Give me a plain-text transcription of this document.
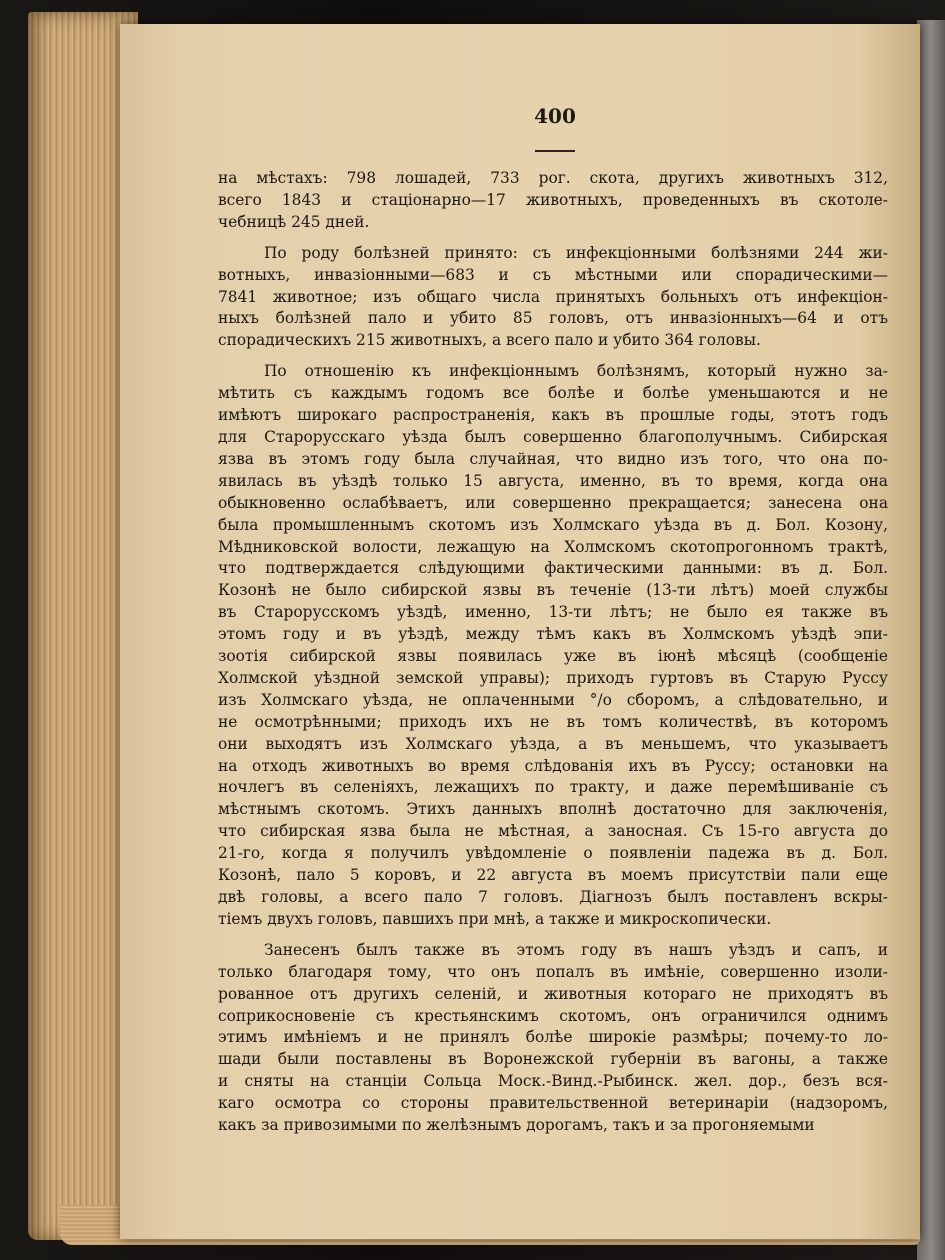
400
на мѣстахъ: 798 лошадей, 733 рог. скота, другихъ животныхъ 312,
всего 1843 и стаціонарно—17 животныхъ, проведенныхъ въ скотоле-
чебницѣ 245 дней.
По роду болѣзней принято: съ инфекціонными болѣзнями 244 жи-
вотныхъ, инвазіонными—683 и съ мѣстными или спорадическими—
7841 животное; изъ общаго числа принятыхъ больныхъ отъ инфекціон-
ныхъ болѣзней пало и убито 85 головъ, отъ инвазіонныхъ—64 и отъ
спорадическихъ 215 животныхъ, а всего пало и убито 364 головы.
По отношенію къ инфекціоннымъ болѣзнямъ, который нужно за-
мѣтить съ каждымъ годомъ все болѣе и болѣе уменьшаются и не
имѣютъ широкаго распространенія, какъ въ прошлые годы, этотъ годъ
для Старорусскаго уѣзда былъ совершенно благополучнымъ. Сибирская
язва въ этомъ году была случайная, что видно изъ того, что она по-
явилась въ уѣздѣ только 15 августа, именно, въ то время, когда она
обыкновенно ослабѣваетъ, или совершенно прекращается; занесена она
была промышленнымъ скотомъ изъ Холмскаго уѣзда въ д. Бол. Козону,
Мѣдниковской волости, лежащую на Холмскомъ скотопрогонномъ трактѣ,
что подтверждается слѣдующими фактическими данными: въ д. Бол.
Козонѣ не было сибирской язвы въ теченіе (13-ти лѣтъ) моей службы
въ Старорусскомъ уѣздѣ, именно, 13-ти лѣтъ; не было ея также въ
этомъ году и въ уѣздѣ, между тѣмъ какъ въ Холмскомъ уѣздѣ эпи-
зоотія сибирской язвы появилась уже въ іюнѣ мѣсяцѣ (сообщеніе
Холмской уѣздной земской управы); приходъ гуртовъ въ Старую Руссу
изъ Холмскаго уѣзда, не оплаченными °/o сборомъ, а слѣдовательно, и
не осмотрѣнными; приходъ ихъ не въ томъ количествѣ, въ которомъ
они выходятъ изъ Холмскаго уѣзда, а въ меньшемъ, что указываетъ
на отходъ животныхъ во время слѣдованія ихъ въ Руссу; остановки на
ночлегъ въ селеніяхъ, лежащихъ по тракту, и даже перемѣшиваніе съ
мѣстнымъ скотомъ. Этихъ данныхъ вполнѣ достаточно для заключенія,
что сибирская язва была не мѣстная, а заносная. Съ 15-го августа до
21-го, когда я получилъ увѣдомленіе о появленіи падежа въ д. Бол.
Козонѣ, пало 5 коровъ, и 22 августа въ моемъ присутствіи пали еще
двѣ головы, а всего пало 7 головъ. Діагнозъ былъ поставленъ вскры-
тіемъ двухъ головъ, павшихъ при мнѣ, а также и микроскопически.
Занесенъ былъ также въ этомъ году въ нашъ уѣздъ и сапъ, и
только благодаря тому, что онъ попалъ въ имѣніе, совершенно изоли-
рованное отъ другихъ селеній, и животныя котораго не приходятъ въ
соприкосновеніе съ крестьянскимъ скотомъ, онъ ограничился однимъ
этимъ имѣніемъ и не принялъ болѣе широкіе размѣры; почему-то ло-
шади были поставлены въ Воронежской губерніи въ вагоны, а также
и сняты на станціи Сольца Моск.-Винд.-Рыбинск. жел. дор., безъ вся-
каго осмотра со стороны правительственной ветеринаріи (надзоромъ,
какъ за привозимыми по желѣзнымъ дорогамъ, такъ и за прогоняемыми
